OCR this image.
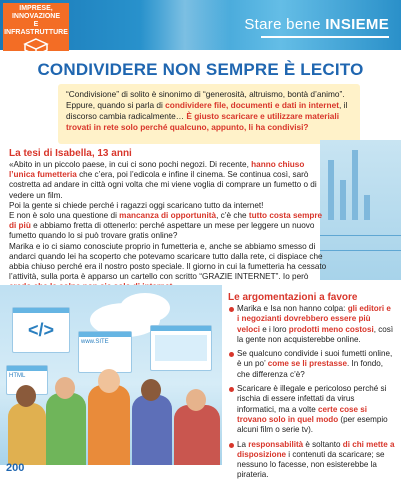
IMPRESE,
INNOVAZIONE
E INFRASTRUTTURE	Stare bene INSIEME
CONDIVIDERE NON SEMPRE È LECITO
“Condivisione” di solito è sinonimo di “generosità, altruismo, bontà d’animo”. Eppure, quando si parla di condividere file, documenti e dati in internet, il discorso cambia radicalmente… È giusto scaricare e utilizzare materiali trovati in rete solo perché qualcuno, appunto, li ha condivisi?
La tesi di Isabella, 13 anni

«Abito in un piccolo paese, in cui ci sono pochi negozi. Di recente, hanno chiuso l’unica fumetteria che c’era, poi l’edicola e infine il cinema. Se continua così, sarò costretta ad andare in città ogni volta che mi viene voglia di comprare un fumetto o di vedere un film.

Poi la gente si chiede perché i ragazzi oggi scaricano tutto da internet!

E non è solo una questione di mancanza di opportunità, c’è che tutto costa sempre di più e abbiamo fretta di ottenerlo: perché aspettare un mese per leggere un nuovo fumetto quando lo si può trovare gratis online?

Marika e io ci siamo conosciute proprio in fumetteria e, anche se abbiamo smesso di andarci quando lei ha scoperto che potevamo scaricare tutto dalla rete, ci dispiace che abbia chiuso perché era il nostro posto speciale. Il giorno in cui la fumetteria ha cessato l’attività, sulla porta è apparso un cartello con scritto “GRAZIE INTERNET”. Io però

</>
www.SITE
HTML
Le argomentazioni a favore
Marika e Isa non hanno colpa: gli editori e i negozianti dovrebbero essere più veloci e i loro prodotti meno costosi, così la gente non acquisterebbe online.
Se qualcuno condivide i suoi fumetti online, è un po’ come se li prestasse. In fondo, che differenza c’è?
Scaricare è illegale e pericoloso perché si rischia di essere infettati da virus informatici, ma a volte certe cose si trovano solo in quel modo (per esempio alcuni film o serie tv).
La responsabilità è soltanto di chi mette a disposizione i contenuti da scaricare; se nessuno lo facesse, non esisterebbe la pirateria.
200
